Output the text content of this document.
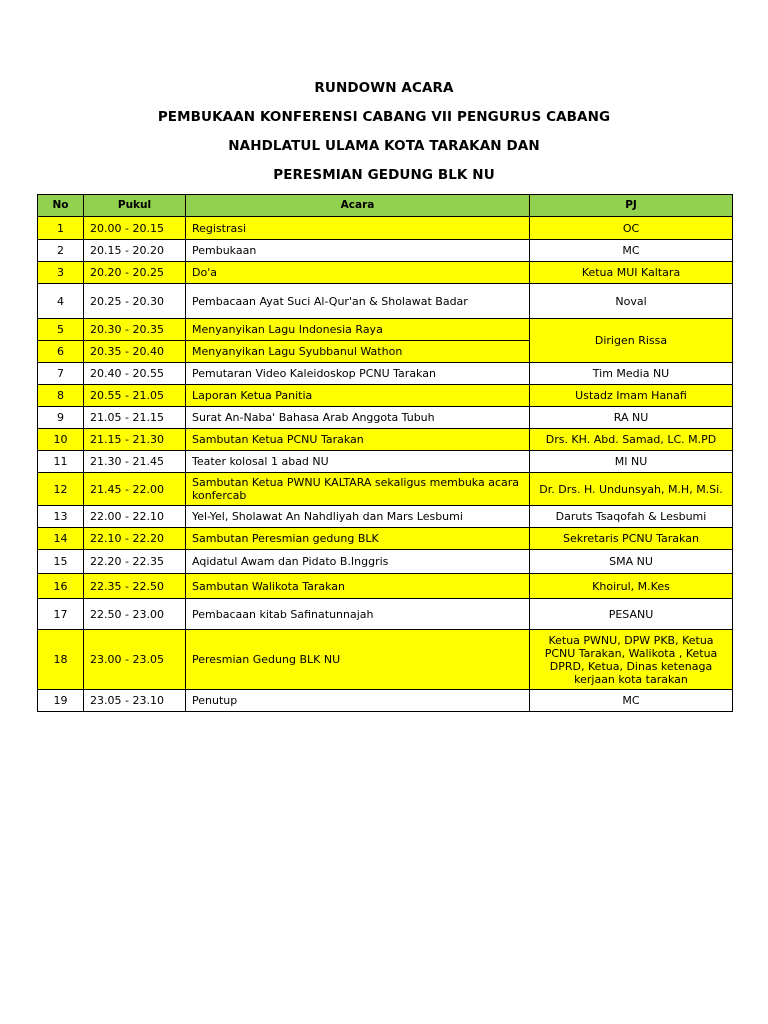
RUNDOWN ACARA
PEMBUKAAN KONFERENSI CABANG VII PENGURUS CABANG
NAHDLATUL ULAMA KOTA TARAKAN DAN
PERESMIAN GEDUNG BLK NU
No	Pukul	Acara	PJ
1	20.00 - 20.15	Registrasi	OC
2	20.15 - 20.20	Pembukaan	MC
3	20.20 - 20.25	Do'a	Ketua MUI Kaltara
4	20.25 - 20.30	Pembacaan Ayat Suci Al-Qur'an & Sholawat Badar	Noval
5	20.30 - 20.35	Menyanyikan Lagu Indonesia Raya	Dirigen Rissa
6	20.35 - 20.40	Menyanyikan Lagu Syubbanul Wathon	
7	20.40 - 20.55	Pemutaran Video Kaleidoskop PCNU Tarakan	Tim Media NU
8	20.55 - 21.05	Laporan Ketua Panitia	Ustadz Imam Hanafi
9	21.05 - 21.15	Surat An-Naba' Bahasa Arab Anggota Tubuh	RA NU
10	21.15 - 21.30	Sambutan Ketua PCNU Tarakan	Drs. KH. Abd. Samad, LC. M.PD
11	21.30 - 21.45	Teater kolosal 1 abad NU	MI NU
12	21.45 - 22.00	Sambutan Ketua PWNU KALTARA sekaligus membuka acara konfercab	Dr. Drs. H. Undunsyah, M.H, M.Si.
13	22.00 - 22.10	Yel-Yel, Sholawat An Nahdliyah dan Mars Lesbumi	Daruts Tsaqofah & Lesbumi
14	22.10 - 22.20	Sambutan Peresmian gedung BLK	Sekretaris PCNU Tarakan
15	22.20 - 22.35	Aqidatul Awam dan Pidato B.Inggris	SMA NU
16	22.35 - 22.50	Sambutan Walikota Tarakan	Khoirul, M.Kes
17	22.50 - 23.00	Pembacaan kitab Safinatunnajah	PESANU
18	23.00 - 23.05	Peresmian Gedung BLK NU	Ketua PWNU, DPW PKB, Ketua PCNU Tarakan, Walikota , Ketua DPRD, Ketua, Dinas ketenaga kerjaan kota tarakan
19	23.05 - 23.10	Penutup	MC
